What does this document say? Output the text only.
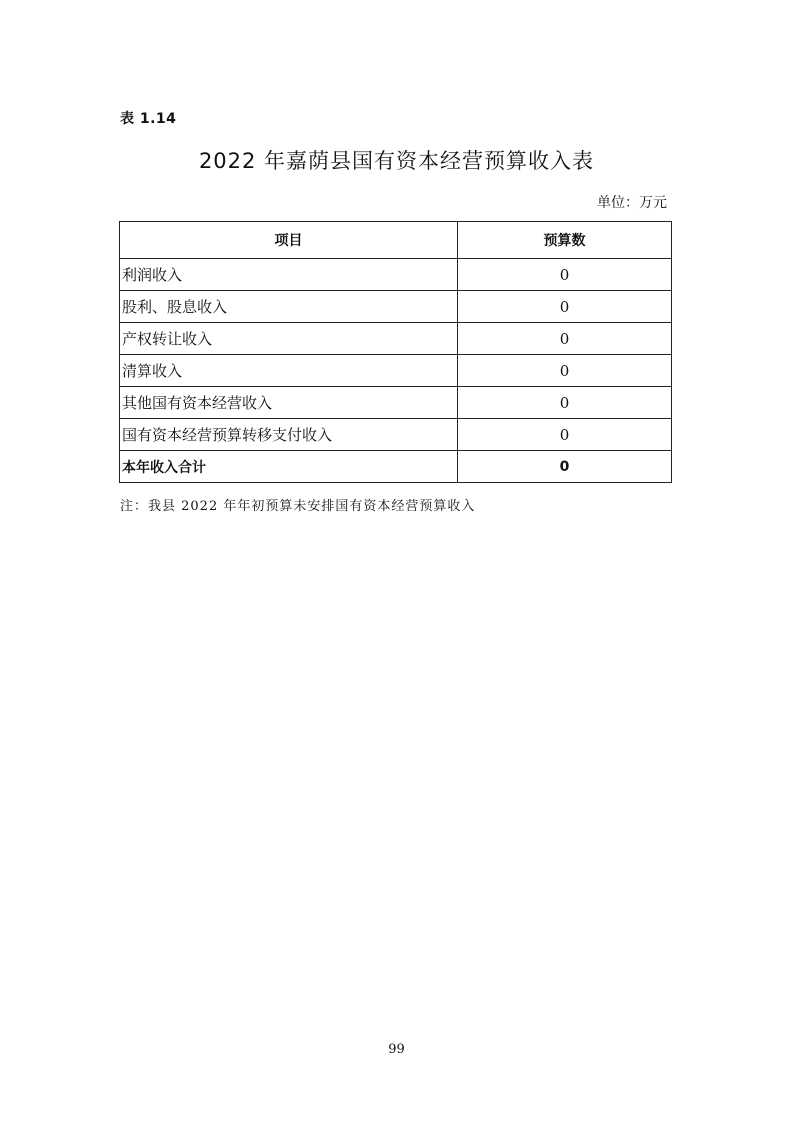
表 1.14
2022 年嘉荫县国有资本经营预算收入表
单位：万元
项目	预算数
利润收入	0
股利、股息收入	0
产权转让收入	0
清算收入	0
其他国有资本经营收入	0
国有资本经营预算转移支付收入	0
本年收入合计	0
注：我县 2022 年年初预算未安排国有资本经营预算收入
99
